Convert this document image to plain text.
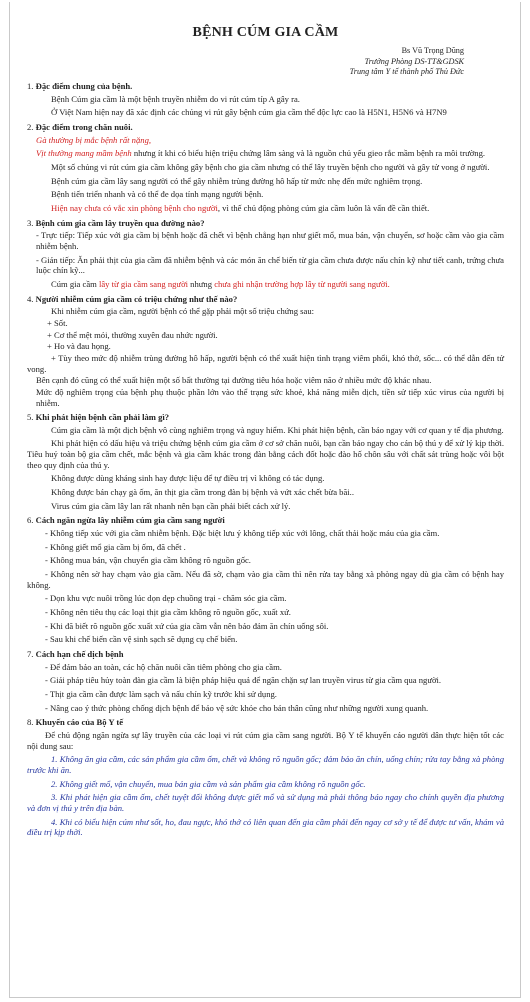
BỆNH CÚM GIA CẦM
Bs Vũ Trọng Dũng
Trưởng Phòng DS-TT&GDSK
Trung tâm Y tế thành phố Thủ Đức
1. Đặc điểm chung của bệnh.

Bệnh Cúm gia cầm là một bệnh truyền nhiễm do vi rút cúm típ A gây ra.

Ở Việt Nam hiện nay đã xác định các chủng vi rút gây bệnh cúm gia cầm thể độc lực cao là H5N1, H5N6 và H7N9

2. Đặc điểm trong chăn nuôi.

Gà thường bị mắc bệnh rất nặng,

Vịt thường mang mầm bệnh nhưng ít khi có biểu hiện triệu chứng lâm sàng và là nguồn chủ yếu gieo rắc mầm bệnh ra môi trường.

Một số chủng vi rút cúm gia cầm không gây bệnh cho gia cầm nhưng có thể lây truyền bệnh cho người và gây tử vong ở người.

Bệnh cúm gia cầm lây sang người có thể gây nhiễm trùng đường hô hấp từ mức nhẹ đến mức nghiêm trọng.

Bệnh tiến triển nhanh và có thể đe dọa tính mạng người bệnh.

Hiện nay chưa có vắc xin phòng bệnh cho người, vì thế chủ động phòng cúm gia cầm luôn là vấn đề cần thiết.

3. Bệnh cúm gia cầm lây truyền qua đường nào?

- Trực tiếp: Tiếp xúc với gia cầm bị bệnh hoặc đã chết vì bệnh chẳng hạn như giết mổ, mua bán, vận chuyển, sơ hoặc cầm vào gia cầm nhiễm bệnh.

- Gián tiếp: Ăn phải thịt của gia cầm đã nhiễm bệnh và các món ăn chế biến từ gia cầm chưa được nấu chín kỹ như tiết canh, trứng chưa luộc chín kỹ...

Cúm gia cầm lây từ gia cầm sang người nhưng chưa ghi nhận trường hợp lây từ người sang người.

4. Người nhiễm cúm gia cầm có triệu chứng như thế nào?

Khi nhiễm cúm gia cầm, người bệnh có thể gặp phải một số triệu chứng sau:

+ Sốt.

+ Cơ thể mệt mỏi, thường xuyên đau nhức người.

+ Ho và đau họng.

+ Tùy theo mức độ nhiễm trùng đường hô hấp, người bệnh có thể xuất hiện tình trạng viêm phổi, khó thở, sốc... có thể dẫn đến tử vong.

Bên cạnh đó cũng có thể xuất hiện một số bất thường tại đường tiêu hóa hoặc viêm não ở nhiều mức độ khác nhau.

Mức độ nghiêm trọng của bệnh phụ thuộc phần lớn vào thể trạng sức khoẻ, khả năng miễn dịch, tiền sử tiếp xúc virus của người bị nhiễm.

5. Khi phát hiện bệnh cần phải làm gì?

Cúm gia cầm là một dịch bệnh vô cùng nghiêm trọng và nguy hiểm. Khi phát hiện bệnh, cần báo ngay với cơ quan y tế địa phương.

Khi phát hiện có dấu hiệu và triệu chứng bệnh cúm gia cầm ở cơ sở chăn nuôi, bạn cần báo ngay cho cán bộ thú y để xử lý kịp thời. Tiêu huỷ toàn bộ gia cầm chết, mắc bệnh và gia cầm khác trong đàn bằng cách đốt hoặc đào hố chôn sâu với chất sát trùng hoặc vôi bột theo quy định của thú y.

Không được dùng kháng sinh hay được liệu để tự điều trị vì không có tác dụng.

Không được bán chạy gà ốm, ăn thịt gia cầm trong đàn bị bệnh và vứt xác chết bừa bãi..

Virus cúm gia cầm lây lan rất nhanh nên bạn cần phải biết cách xử lý.

6. Cách ngăn ngừa lây nhiễm cúm gia cầm sang người

- Không tiếp xúc với gia cầm nhiễm bệnh. Đặc biệt lưu ý không tiếp xúc với lông, chất thải hoặc máu của gia cầm.

- Không giết mổ gia cầm bị ốm, đã chết .

- Không mua bán, vận chuyển gia cầm không rõ nguồn gốc.

- Không nên sờ hay chạm vào gia cầm. Nếu đã sờ, chạm vào gia cầm thì nên rửa tay bằng xà phòng ngay dù gia cầm có bệnh hay không.

- Dọn khu vực nuôi trồng lúc dọn dẹp chuồng trại - chăm sóc gia cầm.

- Không nên tiêu thụ các loại thịt gia cầm không rõ nguồn gốc, xuất xứ.

- Khi đã biết rõ nguồn gốc xuất xứ của gia cầm vẫn nên bảo đảm ăn chín uống sôi.

- Sau khi chế biến cần vệ sinh sạch sẽ dụng cụ chế biến.

7. Cách hạn chế dịch bệnh

- Để đảm bảo an toàn, các hộ chăn nuôi cần tiêm phòng cho gia cầm.

- Giải pháp tiêu hủy toàn đàn gia cầm là biện pháp hiệu quả để ngăn chặn sự lan truyền virus từ gia cầm qua người.

- Thịt gia cầm cần được làm sạch và nấu chín kỹ trước khi sử dụng.

- Nâng cao ý thức phòng chống dịch bệnh để bảo vệ sức khỏe cho bản thân cũng như những người xung quanh.

8. Khuyến cáo của Bộ Y tế

Để chủ động ngăn ngừa sự lây truyền của các loại vi rút cúm gia cầm sang người. Bộ Y tế khuyến cáo người dân thực hiện tốt các nội dung sau:

1. Không ăn gia cầm, các sản phẩm gia cầm ốm, chết và không rõ nguồn gốc; đảm bảo ăn chín, uống chín; rửa tay bằng xà phòng trước khi ăn.

2. Không giết mổ, vận chuyển, mua bán gia cầm và sản phẩm gia cầm không rõ nguồn gốc.

3. Khi phát hiện gia cầm ốm, chết tuyệt đối không được giết mổ và sử dụng mà phải thông báo ngay cho chính quyền địa phương và đơn vị thú y trên địa bàn.

4. Khi có biểu hiện cúm như sốt, ho, đau ngực, khó thở có liên quan đến gia cầm phải đến ngay cơ sở y tế để được tư vấn, khám và điều trị kịp thời.
